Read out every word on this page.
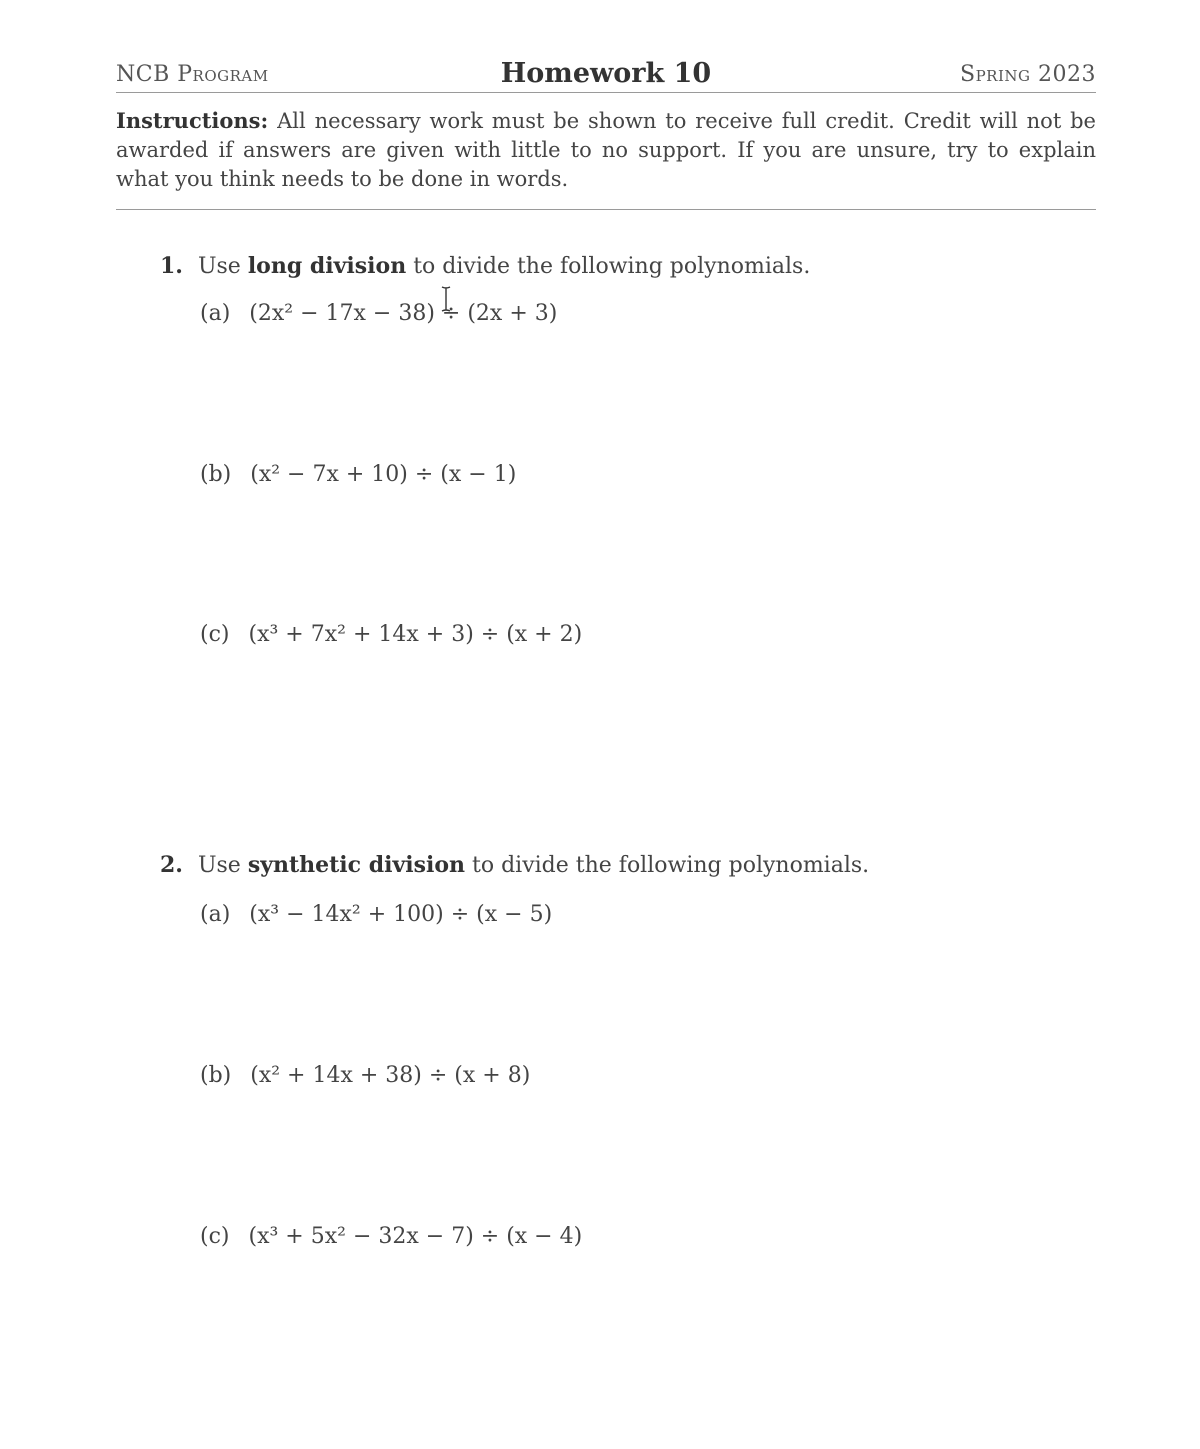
NCB Program	Homework 10	Spring 2023
Instructions: All necessary work must be shown to receive full credit. Credit will not be awarded if answers are given with little to no support. If you are unsure, try to explain what you think needs to be done in words.
1. Use long division to divide the following polynomials.
(a) (2x² − 17x − 38) ÷ (2x + 3)
(b) (x² − 7x + 10) ÷ (x − 1)
(c) (x³ + 7x² + 14x + 3) ÷ (x + 2)
2. Use synthetic division to divide the following polynomials.
(a) (x³ − 14x² + 100) ÷ (x − 5)
(b) (x² + 14x + 38) ÷ (x + 8)
(c) (x³ + 5x² − 32x − 7) ÷ (x − 4)
